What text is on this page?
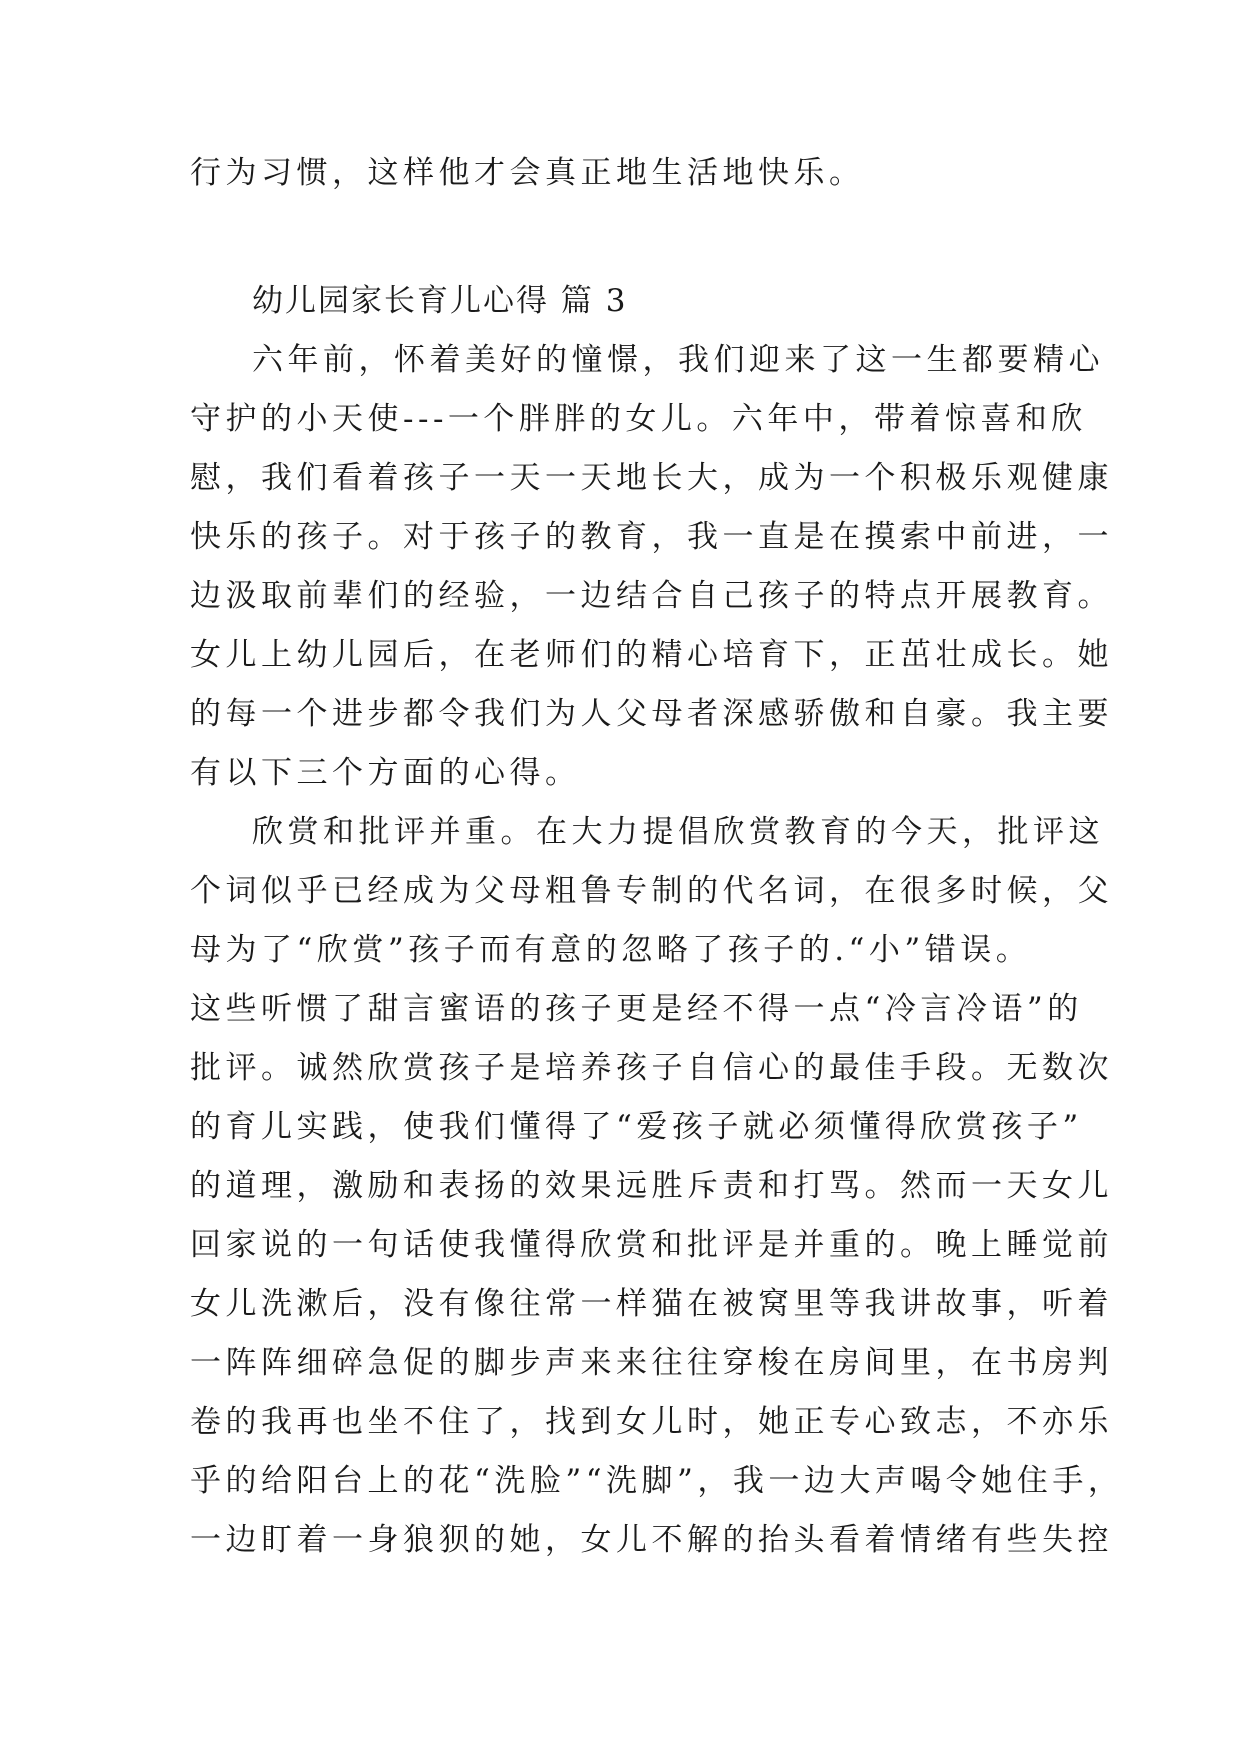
行为习惯，这样他才会真正地生活地快乐。

幼儿园家长育儿心得 篇 3

六年前，怀着美好的憧憬，我们迎来了这一生都要精心

守护的小天使---一个胖胖的女儿。六年中，带着惊喜和欣

慰，我们看着孩子一天一天地长大，成为一个积极乐观健康

快乐的孩子。对于孩子的教育，我一直是在摸索中前进，一

边汲取前辈们的经验，一边结合自己孩子的特点开展教育。

女儿上幼儿园后，在老师们的精心培育下，正茁壮成长。她

的每一个进步都令我们为人父母者深感骄傲和自豪。我主要

有以下三个方面的心得。

欣赏和批评并重。在大力提倡欣赏教育的今天，批评这

个词似乎已经成为父母粗鲁专制的代名词，在很多时候，父

母为了“欣赏”孩子而有意的忽略了孩子的.“小”错误。

这些听惯了甜言蜜语的孩子更是经不得一点“冷言冷语”的

批评。诚然欣赏孩子是培养孩子自信心的最佳手段。无数次

的育儿实践，使我们懂得了“爱孩子就必须懂得欣赏孩子”

的道理，激励和表扬的效果远胜斥责和打骂。然而一天女儿

回家说的一句话使我懂得欣赏和批评是并重的。晚上睡觉前

女儿洗漱后，没有像往常一样猫在被窝里等我讲故事，听着

一阵阵细碎急促的脚步声来来往往穿梭在房间里，在书房判

卷的我再也坐不住了，找到女儿时，她正专心致志，不亦乐

乎的给阳台上的花“洗脸”“洗脚”，我一边大声喝令她住手，

一边盯着一身狼狈的她，女儿不解的抬头看着情绪有些失控
